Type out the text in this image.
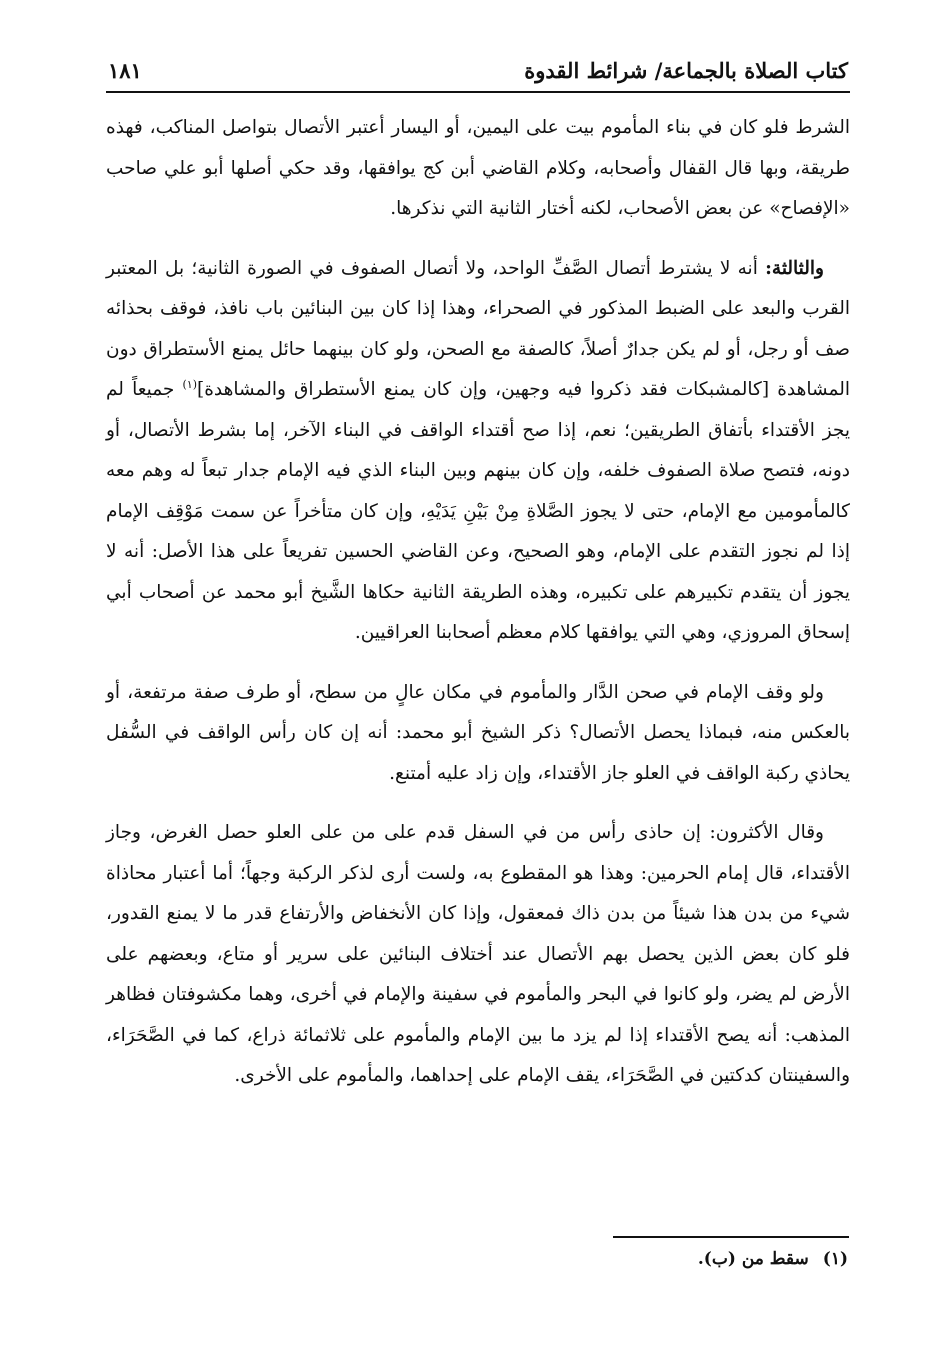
كتاب الصلاة بالجماعة/ شرائط القدوة
١٨١

الشرط فلو كان في بناء المأموم بيت على اليمين، أو اليسار أعتبر الأتصال بتواصل المناكب، فهذه طريقة، وبها قال القفال وأصحابه، وكلام القاضي أبن كج يوافقها، وقد حكي أصلها أبو علي صاحب «الإفصاح» عن بعض الأصحاب، لكنه أختار الثانية التي نذكرها.

والثالثة: أنه لا يشترط أتصال الصَّفِّ الواحد، ولا أتصال الصفوف في الصورة الثانية؛ بل المعتبر القرب والبعد على الضبط المذكور في الصحراء، وهذا إذا كان بين البنائين باب نافذ، فوقف بحذائه صف أو رجل، أو لم يكن جدارٌ أصلاً، كالصفة مع الصحن، ولو كان بينهما حائل يمنع الأستطراق دون المشاهدة [كالمشبكات فقد ذكروا فيه وجهين، وإن كان يمنع الأستطراق والمشاهدة]$^{(١)}$ جميعاً لم يجز الأقتداء بأتفاق الطريقين؛ نعم، إذا صح أقتداء الواقف في البناء الآخر، إما بشرط الأتصال، أو دونه، فتصح صلاة الصفوف خلفه، وإن كان بينهم وبين البناء الذي فيه الإمام جدار تبعاً له وهم معه كالمأمومين مع الإمام، حتى لا يجوز الصَّلاةِ مِنْ بَيْنِ يَدَيْهِ، وإن كان متأخراً عن سمت مَوْقِف الإمام إذا لم نجوز التقدم على الإمام، وهو الصحيح، وعن القاضي الحسين تفريعاً على هذا الأصل: أنه لا يجوز أن يتقدم تكبيرهم على تكبيره، وهذه الطريقة الثانية حكاها الشَّيخ أبو محمد عن أصحاب أبي إسحاق المروزي، وهي التي يوافقها كلام معظم أصحابنا العراقيين.

ولو وقف الإمام في صحن الدَّار والمأموم في مكان عالٍ من سطح، أو طرف صفة مرتفعة، أو بالعكس منه، فبماذا يحصل الأتصال؟ ذكر الشيخ أبو محمد: أنه إن كان رأس الواقف في السُّفل يحاذي ركبة الواقف في العلو جاز الأقتداء، وإن زاد عليه أمتنع.

وقال الأكثرون: إن حاذى رأس من في السفل قدم على من على العلو حصل الغرض، وجاز الأقتداء، قال إمام الحرمين: وهذا هو المقطوع به، ولست أرى لذكر الركبة وجهاً؛ أما أعتبار محاذاة شيء من بدن هذا شيئاً من بدن ذاك فمعقول، وإذا كان الأنخفاض والأرتفاع قدر ما لا يمنع القدور، فلو كان بعض الذين يحصل بهم الأتصال عند أختلاف البنائين على سرير أو متاع، وبعضهم على الأرض لم يضر، ولو كانوا في البحر والمأموم في سفينة والإمام في أخرى، وهما مكشوفتان فظاهر المذهب: أنه يصح الأقتداء إذا لم يزد ما بين الإمام والمأموم على ثلاثمائة ذراع، كما في الصَّحَرَاء، والسفينتان كدكتين في الصَّحَرَاء، يقف الإمام على إحداهما، والمأموم على الأخرى.

(١)سقط من (ب).
